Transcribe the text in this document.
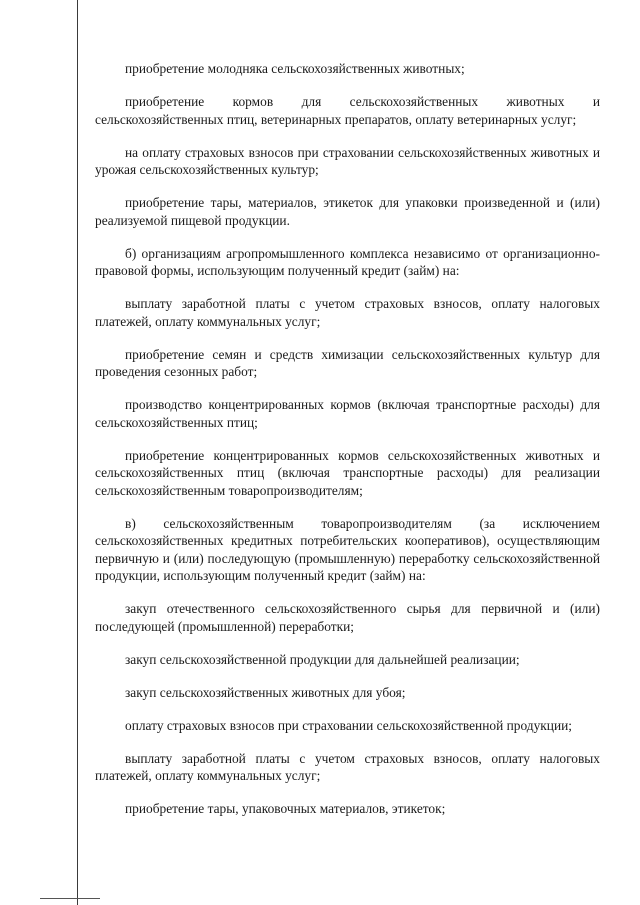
приобретение молодняка сельскохозяйственных животных;

приобретение кормов для сельскохозяйственных животных и сельскохозяйственных птиц, ветеринарных препаратов, оплату ветеринарных услуг;

на оплату страховых взносов при страховании сельскохозяйственных животных и урожая сельскохозяйственных культур;

приобретение тары, материалов, этикеток для упаковки произведенной и (или) реализуемой пищевой продукции.

б) организациям агропромышленного комплекса независимо от организационно-правовой формы, использующим полученный кредит (займ) на:

выплату заработной платы с учетом страховых взносов, оплату налоговых платежей, оплату коммунальных услуг;

приобретение семян и средств химизации сельскохозяйственных культур для проведения сезонных работ;

производство концентрированных кормов (включая транспортные расходы) для сельскохозяйственных птиц;

приобретение концентрированных кормов сельскохозяйственных животных и сельскохозяйственных птиц (включая транспортные расходы) для реализации сельскохозяйственным товаропроизводителям;

в) сельскохозяйственным товаропроизводителям (за исключением сельскохозяйственных кредитных потребительских кооперативов), осуществляющим первичную и (или) последующую (промышленную) переработку сельскохозяйственной продукции, использующим полученный кредит (займ) на:

закуп отечественного сельскохозяйственного сырья для первичной и (или) последующей (промышленной) переработки;

закуп сельскохозяйственной продукции для дальнейшей реализации;

закуп сельскохозяйственных животных для убоя;

оплату страховых взносов при страховании сельскохозяйственной продукции;

выплату заработной платы с учетом страховых взносов, оплату налоговых платежей, оплату коммунальных услуг;

приобретение тары, упаковочных материалов, этикеток;
